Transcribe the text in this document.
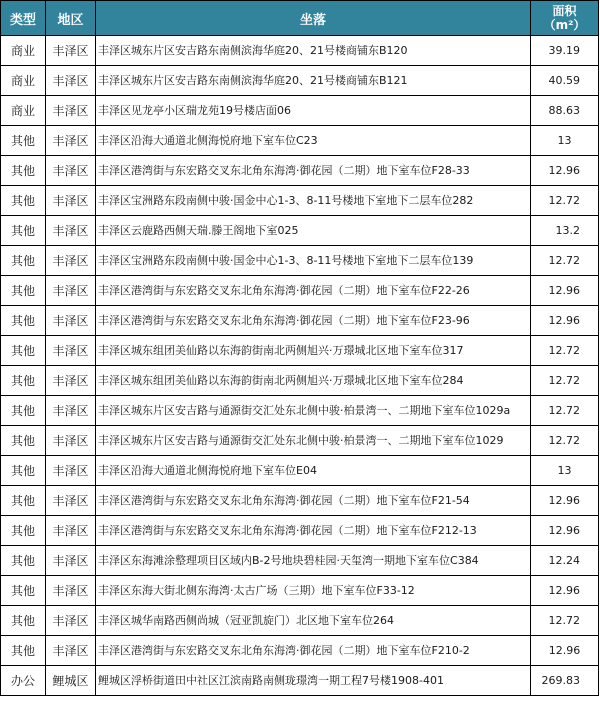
类型	地区	坐落	面积
（m²）
商业	丰泽区	丰泽区城东片区安吉路东南侧滨海华庭20、21号楼商铺东B120	39.19
商业	丰泽区	丰泽区城东片区安吉路东南侧滨海华庭20、21号楼商铺东B121	40.59
商业	丰泽区	丰泽区见龙亭小区瑞龙苑19号楼店面06	88.63
其他	丰泽区	丰泽区沿海大通道北侧海悦府地下室车位C23	13
其他	丰泽区	丰泽区港湾街与东宏路交叉东北角东海湾·御花园（二期）地下室车位F28-33	12.96
其他	丰泽区	丰泽区宝洲路东段南侧中骏·国金中心1-3、8-11号楼地下室地下二层车位282	12.72
其他	丰泽区	丰泽区云鹿路西侧天瑞.滕王阁地下室025	13.2
其他	丰泽区	丰泽区宝洲路东段南侧中骏·国金中心1-3、8-11号楼地下室地下二层车位139	12.72
其他	丰泽区	丰泽区港湾街与东宏路交叉东北角东海湾·御花园（二期）地下室车位F22-26	12.96
其他	丰泽区	丰泽区港湾街与东宏路交叉东北角东海湾·御花园（二期）地下室车位F23-96	12.96
其他	丰泽区	丰泽区城东组团美仙路以东海韵街南北两侧旭兴·万璟城北区地下室车位317	12.72
其他	丰泽区	丰泽区城东组团美仙路以东海韵街南北两侧旭兴·万璟城北区地下室车位284	12.72
其他	丰泽区	丰泽区城东片区安吉路与通源街交汇处东北侧中骏·柏景湾一、二期地下室车位1029a	12.72
其他	丰泽区	丰泽区城东片区安吉路与通源街交汇处东北侧中骏·柏景湾一、二期地下室车位1029	12.72
其他	丰泽区	丰泽区沿海大通道北侧海悦府地下室车位E04	13
其他	丰泽区	丰泽区港湾街与东宏路交叉东北角东海湾·御花园（二期）地下室车位F21-54	12.96
其他	丰泽区	丰泽区港湾街与东宏路交叉东北角东海湾·御花园（二期）地下室车位F212-13	12.96
其他	丰泽区	丰泽区东海滩涂整理项目区域内B-2号地块碧桂园·天玺湾一期地下室车位C384	12.24
其他	丰泽区	丰泽区东海大街北侧东海湾·太古广场（三期）地下室车位F33-12	12.96
其他	丰泽区	丰泽区城华南路西侧尚城（冠亚凯旋门）北区地下室车位264	12.72
其他	丰泽区	丰泽区港湾街与东宏路交叉东北角东海湾·御花园（二期）地下室车位F210-2	12.96
办公	鲤城区	鲤城区浮桥街道田中社区江滨南路南侧珑璟湾一期工程7号楼1908-401	269.83
